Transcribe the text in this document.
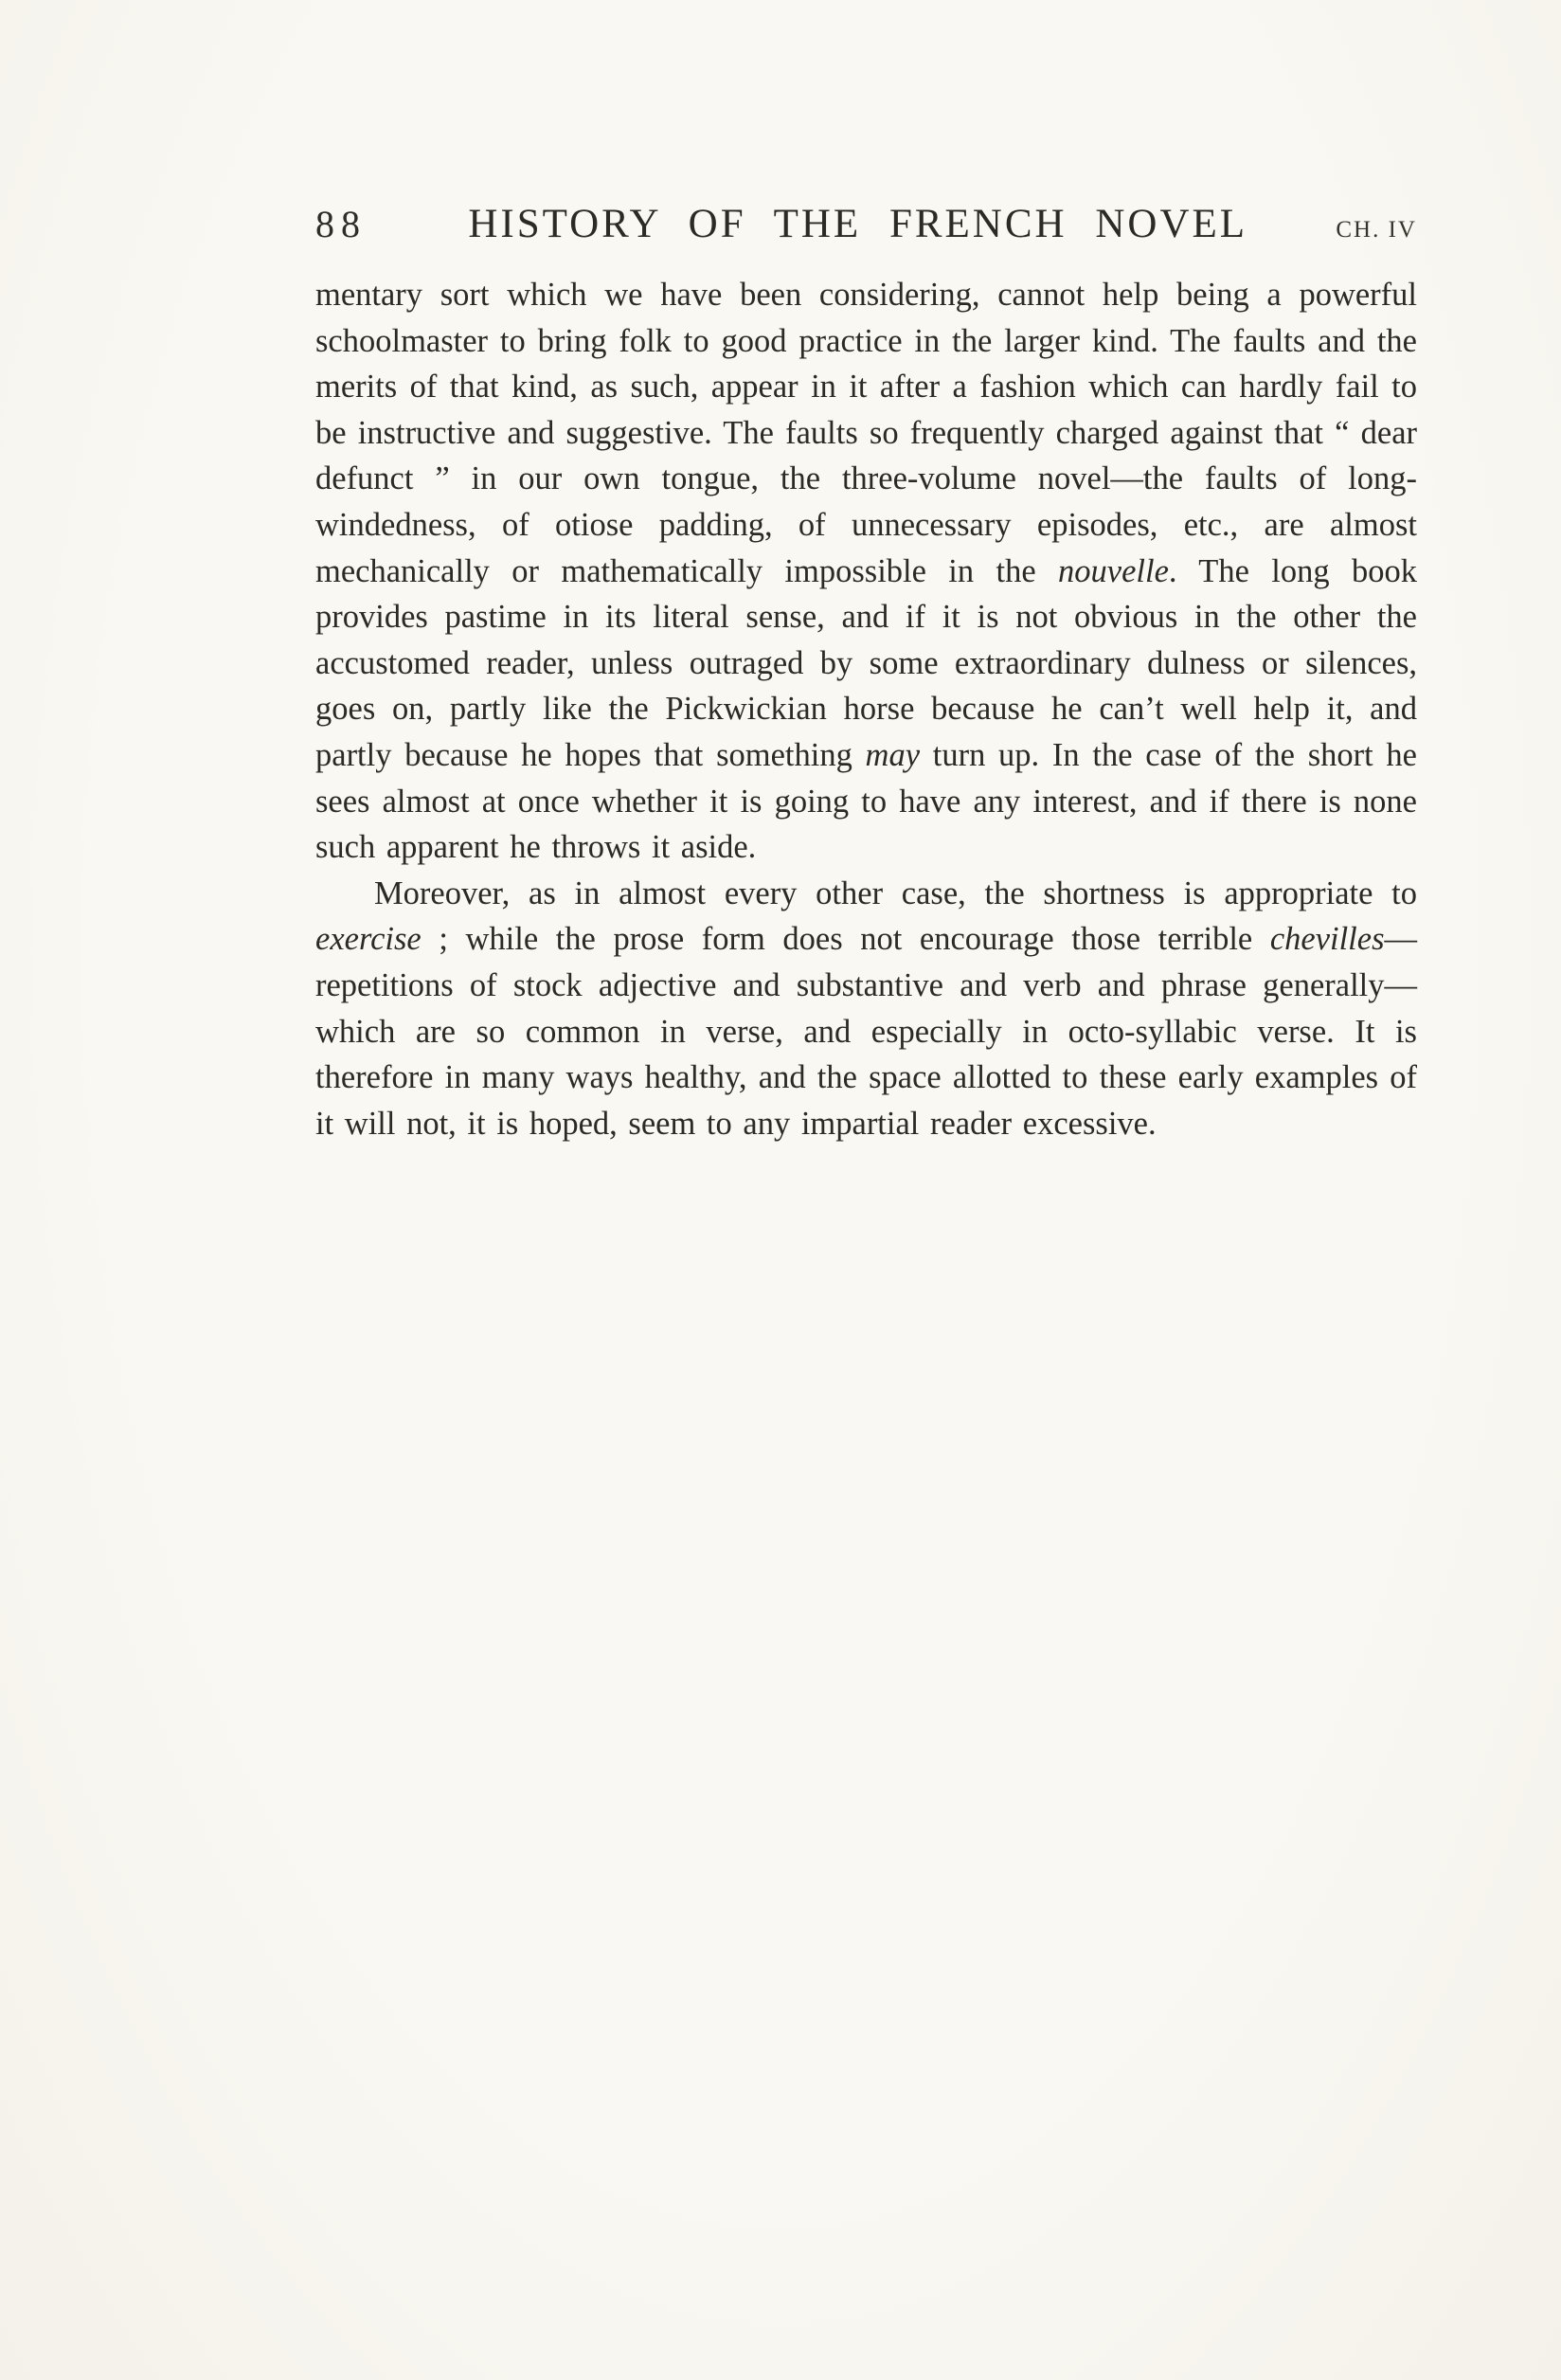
88 HISTORY OF THE FRENCH NOVEL	CH. IV

mentary sort which we have been considering, cannot help being a powerful schoolmaster to bring folk to good practice in the larger kind. The faults and the merits of that kind, as such, appear in it after a fashion which can hardly fail to be instructive and suggestive. The faults so frequently charged against that “ dear defunct ” in our own tongue, the three-volume novel—the faults of long-windedness, of otiose padding, of unnecessary episodes, etc., are almost mechanically or mathematically impossible in the nouvelle. The long book provides pastime in its literal sense, and if it is not obvious in the other the accustomed reader, unless outraged by some extraordinary dulness or silences, goes on, partly like the Pickwickian horse because he can’t well help it, and partly because he hopes that something may turn up. In the case of the short he sees almost at once whether it is going to have any interest, and if there is none such apparent he throws it aside.

Moreover, as in almost every other case, the shortness is appropriate to exercise ; while the prose form does not encourage those terrible chevilles—repetitions of stock adjective and substantive and verb and phrase generally—which are so common in verse, and especially in octo-syllabic verse. It is therefore in many ways healthy, and the space allotted to these early examples of it will not, it is hoped, seem to any impartial reader excessive.
